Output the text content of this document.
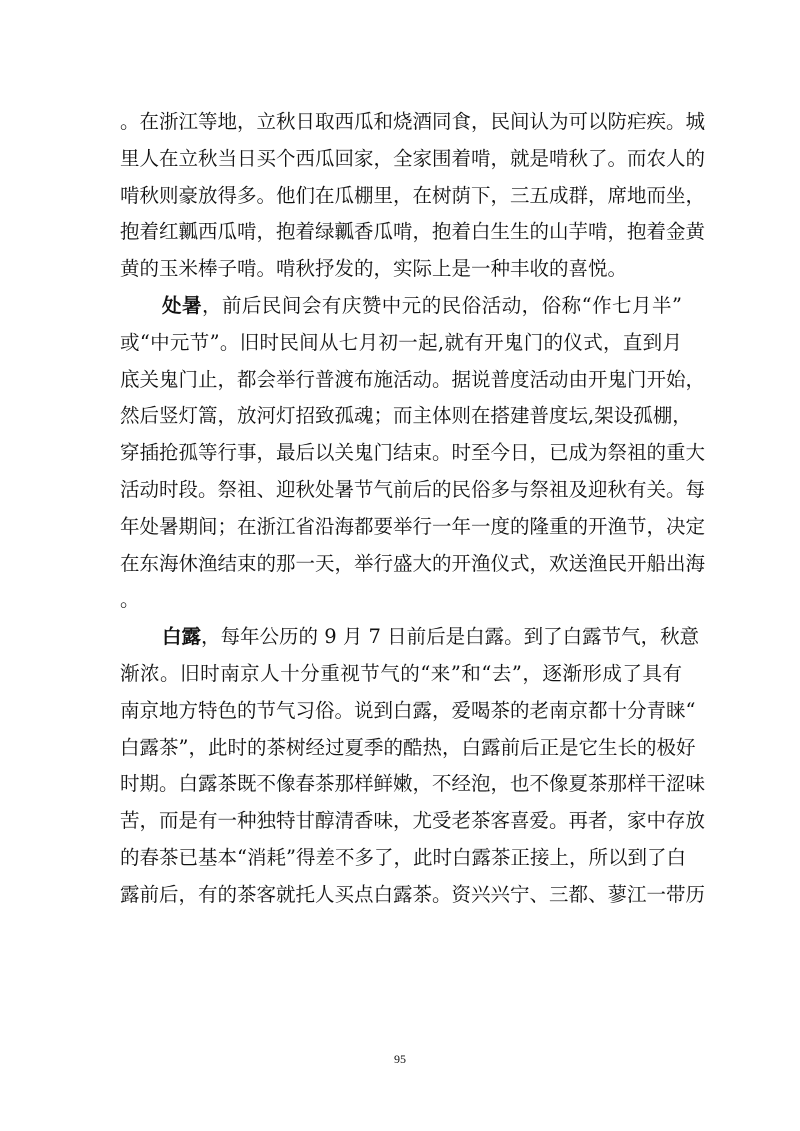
。在浙江等地，立秋日取西瓜和烧酒同食，民间认为可以防疟疾。城
里人在立秋当日买个西瓜回家，全家围着啃，就是啃秋了。而农人的
啃秋则豪放得多。他们在瓜棚里，在树荫下，三五成群，席地而坐，
抱着红瓤西瓜啃，抱着绿瓤香瓜啃，抱着白生生的山芋啃，抱着金黄
黄的玉米棒子啃。啃秋抒发的，实际上是一种丰收的喜悦。
处暑，前后民间会有庆赞中元的民俗活动，俗称“作七月半”
或“中元节”。旧时民间从七月初一起,就有开鬼门的仪式，直到月
底关鬼门止，都会举行普渡布施活动。据说普度活动由开鬼门开始，
然后竖灯篙，放河灯招致孤魂；而主体则在搭建普度坛,架设孤棚，
穿插抢孤等行事，最后以关鬼门结束。时至今日，已成为祭祖的重大
活动时段。祭祖、迎秋处暑节气前后的民俗多与祭祖及迎秋有关。每
年处暑期间；在浙江省沿海都要举行一年一度的隆重的开渔节，决定
在东海休渔结束的那一天，举行盛大的开渔仪式，欢送渔民开船出海
。
白露，每年公历的 9 月 7 日前后是白露。到了白露节气，秋意
渐浓。旧时南京人十分重视节气的“来”和“去”，逐渐形成了具有
南京地方特色的节气习俗。说到白露，爱喝茶的老南京都十分青睐“
白露茶”，此时的茶树经过夏季的酷热，白露前后正是它生长的极好
时期。白露茶既不像春茶那样鲜嫩，不经泡，也不像夏茶那样干涩味
苦，而是有一种独特甘醇清香味，尤受老茶客喜爱。再者，家中存放
的春茶已基本“消耗”得差不多了，此时白露茶正接上，所以到了白
露前后，有的茶客就托人买点白露茶。资兴兴宁、三都、蓼江一带历
95
